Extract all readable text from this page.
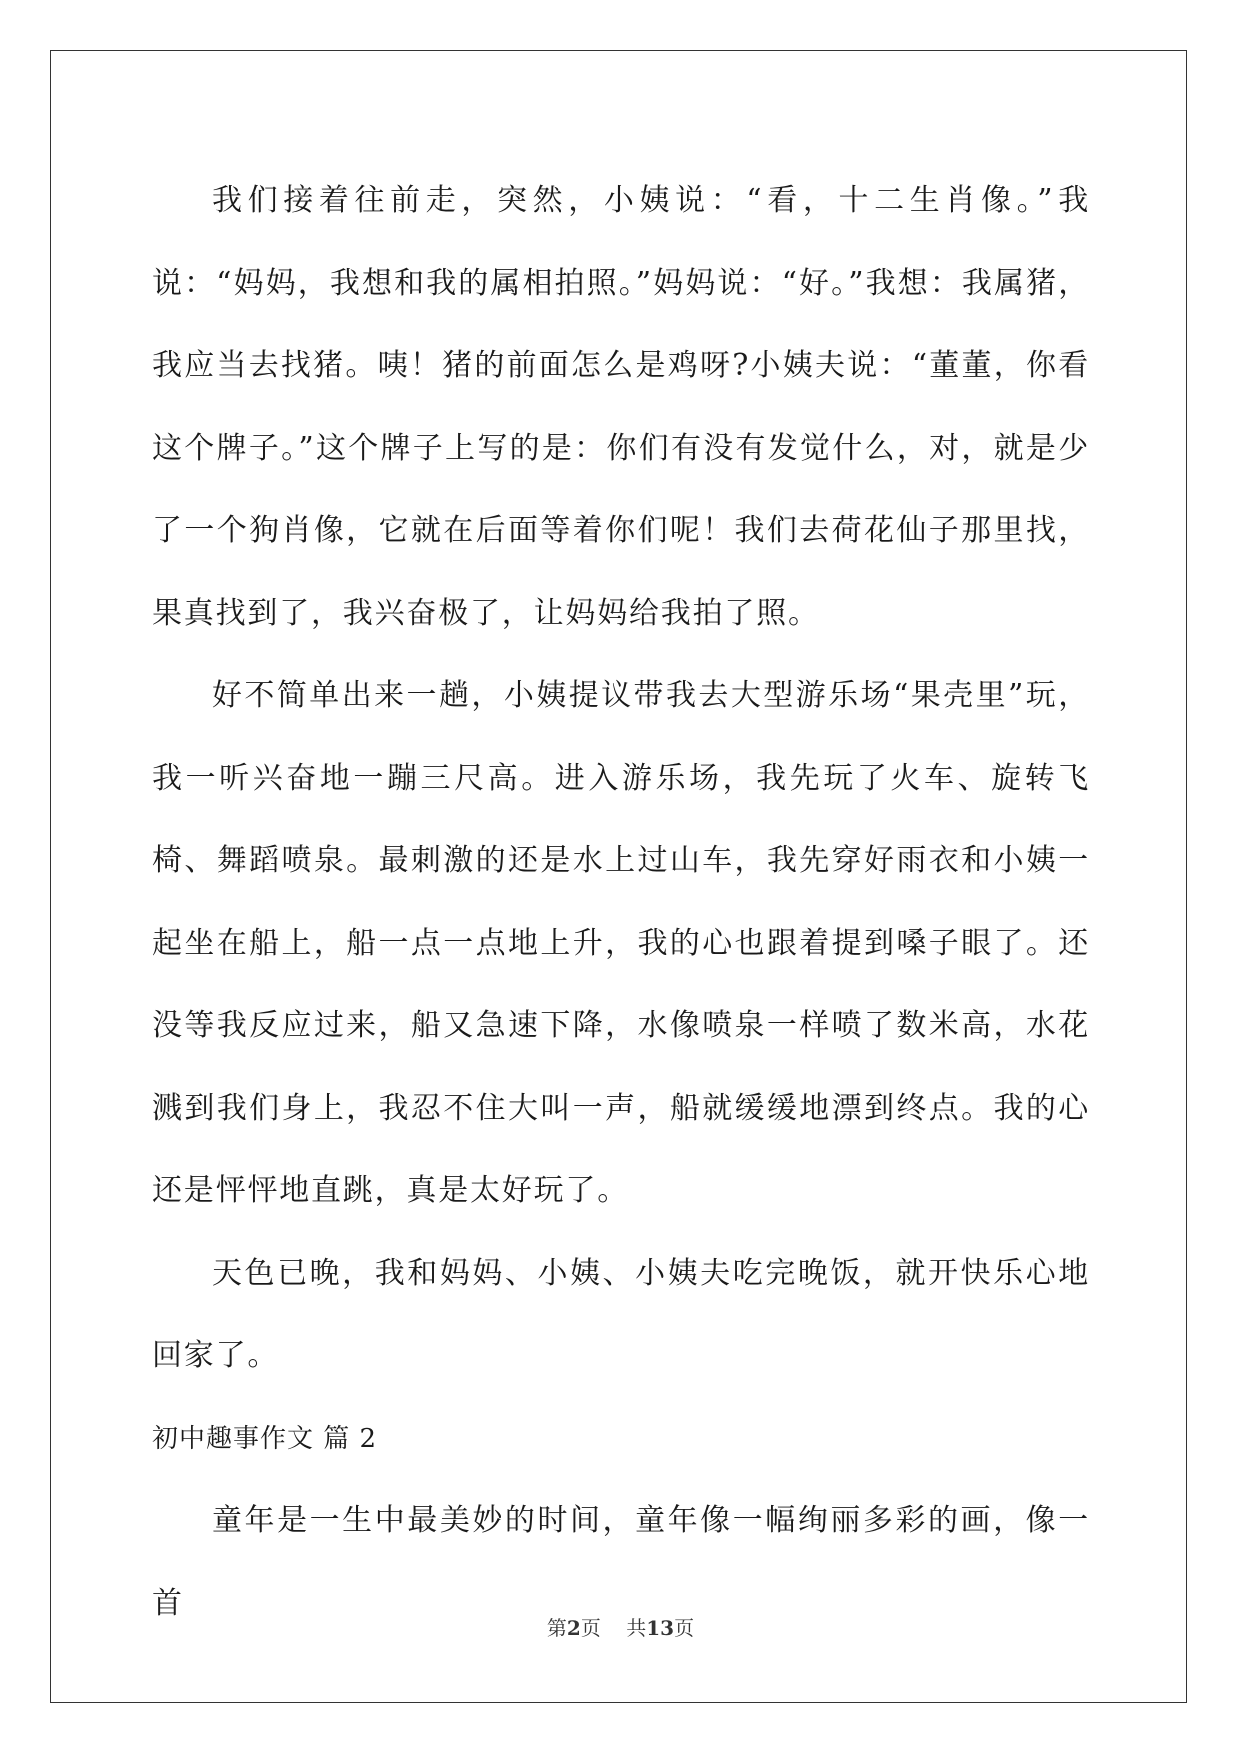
我们接着往前走，突然，小姨说：“看，十二生肖像。”我说：“妈妈，我想和我的属相拍照。”妈妈说：“好。”我想：我属猪，我应当去找猪。咦！猪的前面怎么是鸡呀?小姨夫说：“董董，你看这个牌子。”这个牌子上写的是：你们有没有发觉什么，对，就是少了一个狗肖像，它就在后面等着你们呢！我们去荷花仙子那里找，果真找到了，我兴奋极了，让妈妈给我拍了照。

好不简单出来一趟，小姨提议带我去大型游乐场“果壳里”玩，我一听兴奋地一蹦三尺高。进入游乐场，我先玩了火车、旋转飞椅、舞蹈喷泉。最刺激的还是水上过山车，我先穿好雨衣和小姨一起坐在船上，船一点一点地上升，我的心也跟着提到嗓子眼了。还没等我反应过来，船又急速下降，水像喷泉一样喷了数米高，水花溅到我们身上，我忍不住大叫一声，船就缓缓地漂到终点。我的心还是怦怦地直跳，真是太好玩了。

天色已晚，我和妈妈、小姨、小姨夫吃完晚饭，就开快乐心地回家了。

初中趣事作文 篇 2

童年是一生中最美妙的时间，童年像一幅绚丽多彩的画，像一首

第2页 共13页
